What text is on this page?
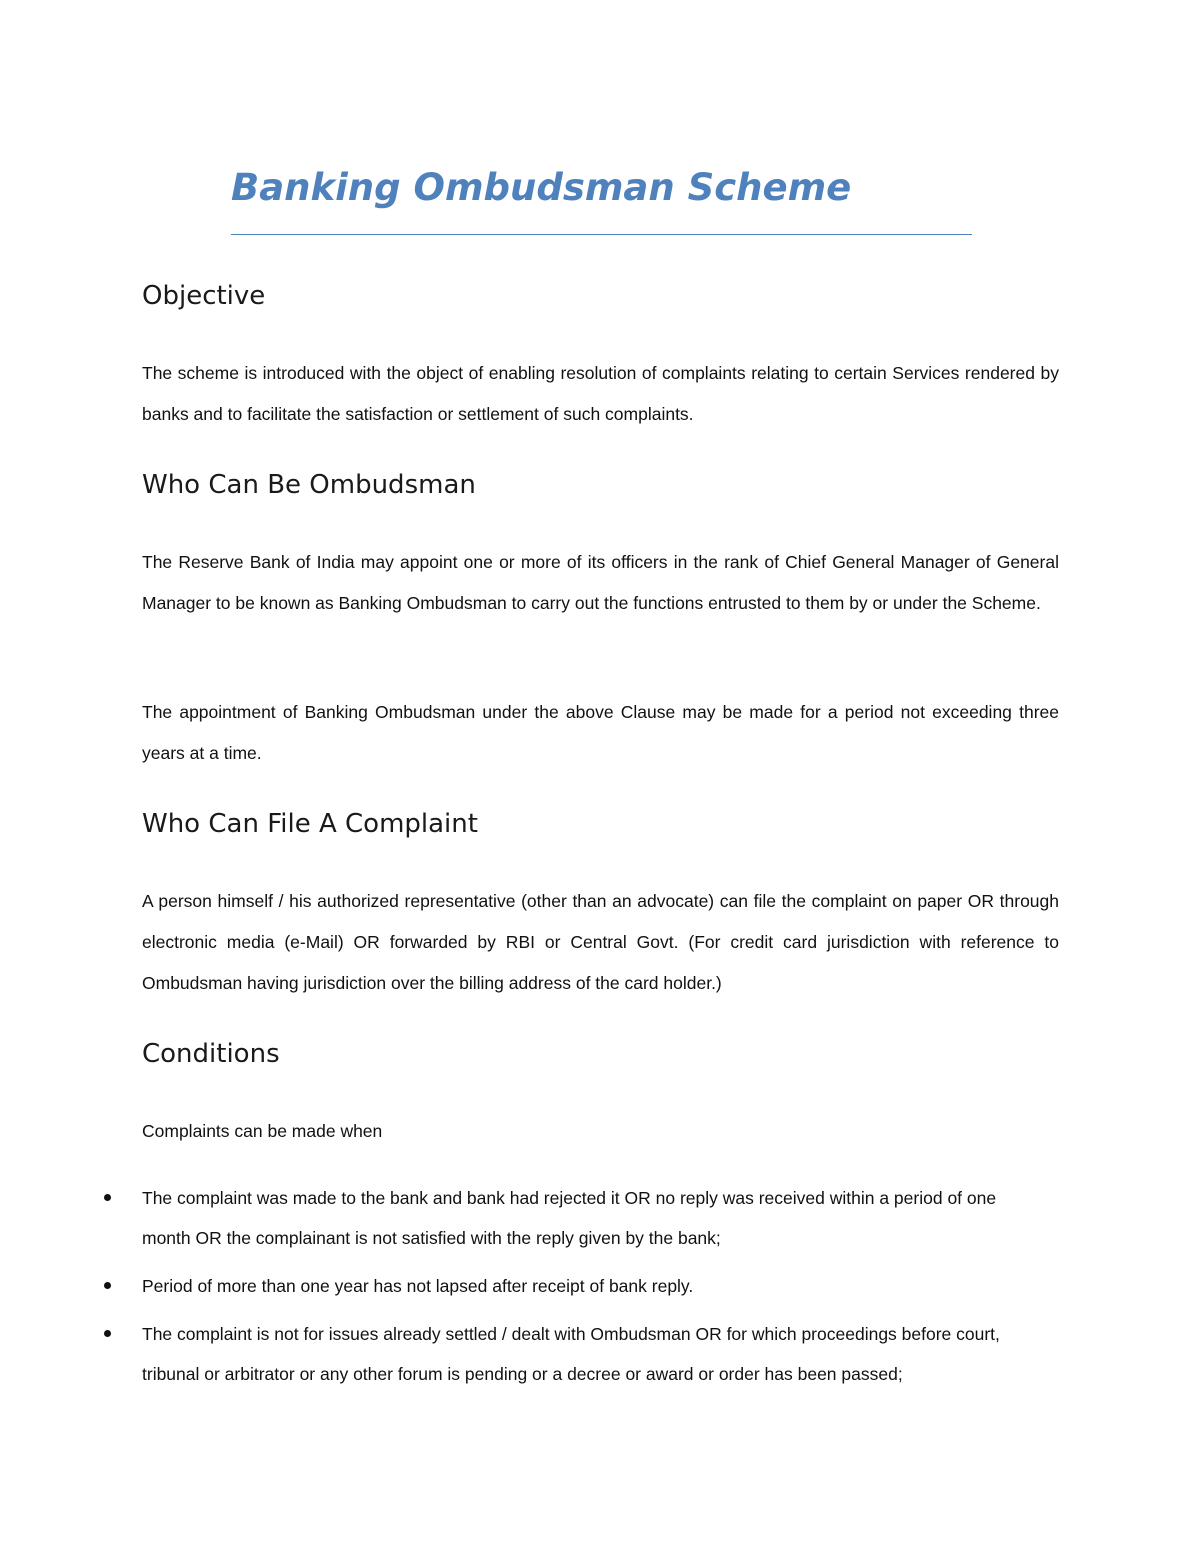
Banking Ombudsman Scheme
Objective

The scheme is introduced with the object of enabling resolution of complaints relating to certain Services rendered by banks and to facilitate the satisfaction or settlement of such complaints.

Who Can Be Ombudsman

The Reserve Bank of India may appoint one or more of its officers in the rank of Chief General Manager of General Manager to be known as Banking Ombudsman to carry out the functions entrusted to them by or under the Scheme.

The appointment of Banking Ombudsman under the above Clause may be made for a period not exceeding three years at a time.

Who Can File A Complaint

A person himself / his authorized representative (other than an advocate) can file the complaint on paper OR through electronic media (e-Mail) OR forwarded by RBI or Central Govt. (For credit card jurisdiction with reference to Ombudsman having jurisdiction over the billing address of the card holder.)

Conditions

Complaints can be made when

The complaint was made to the bank and bank had rejected it OR no reply was received within a period of one month OR the complainant is not satisfied with the reply given by the bank;
Period of more than one year has not lapsed after receipt of bank reply.
The complaint is not for issues already settled / dealt with Ombudsman OR for which proceedings before court, tribunal or arbitrator or any other forum is pending or a decree or award or order has been passed;
